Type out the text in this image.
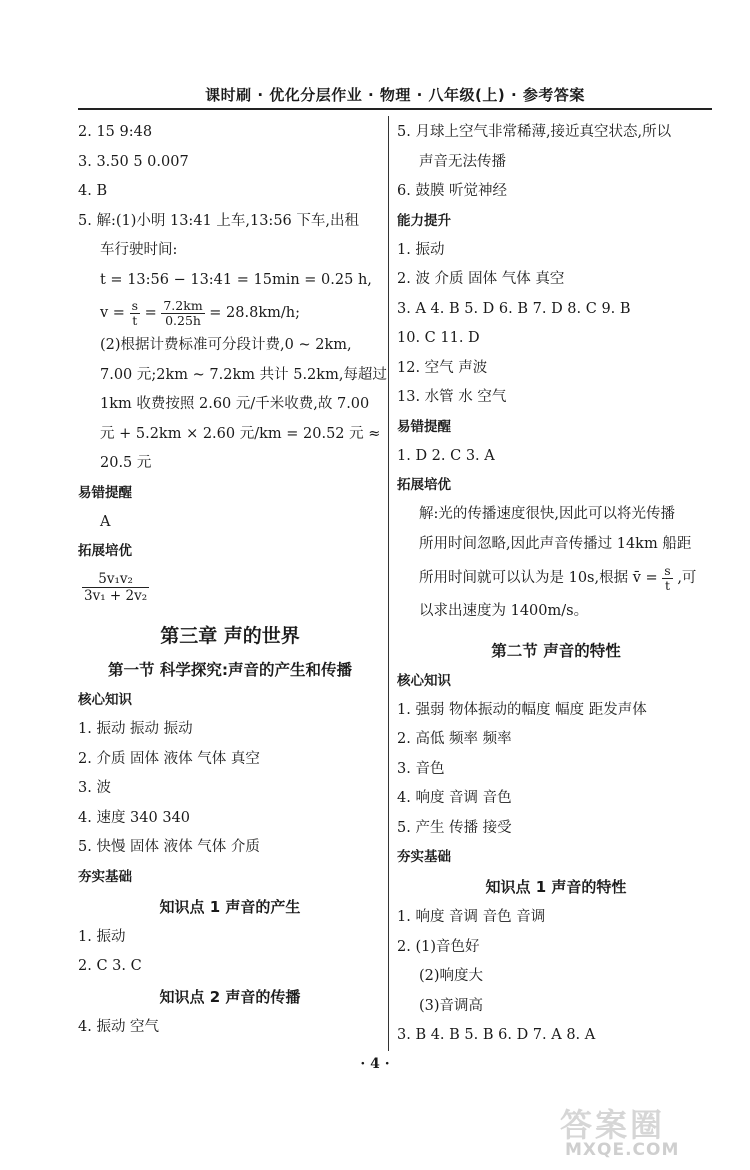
课时刷 · 优化分层作业 · 物理 · 八年级(上) · 参考答案
2. 15 9:48
3. 3.50 5 0.007
4. B
5. 解:(1)小明 13:41 上车,13:56 下车,出租
车行驶时间:
t = 13:56 − 13:41 = 15min = 0.25 h,
$v = \frac{s}{t} = \frac{7.2km}{0.25h} = 28.8km/h$;
(2)根据计费标准可分段计费,0 ~ 2km,
7.00 元;2km ~ 7.2km 共计 5.2km,每超过
1km 收费按照 2.60 元/千米收费,故 7.00
元 + 5.2km × 2.60 元/km = 20.52 元 ≈
20.5 元
易错提醒
A
拓展培优
$\frac{\text{5v₁v₂}}{\text{3v₁ + 2v₂}}$
第三章 声的世界
第一节 科学探究:声音的产生和传播
核心知识
1. 振动 振动 振动
2. 介质 固体 液体 气体 真空
3. 波
4. 速度 340 340
5. 快慢 固体 液体 气体 介质
夯实基础
知识点 1 声音的产生
1. 振动
2. C 3. C
知识点 2 声音的传播
4. 振动 空气
5. 月球上空气非常稀薄,接近真空状态,所以
声音无法传播
6. 鼓膜 听觉神经
能力提升
1. 振动
2. 波 介质 固体 气体 真空
3. A 4. B 5. D 6. B 7. D 8. C 9. B
10. C 11. D
12. 空气 声波
13. 水管 水 空气
易错提醒
1. D 2. C 3. A
拓展培优
解:光的传播速度很快,因此可以将光传播
所用时间忽略,因此声音传播过 14km 船距
所用时间就可以认为是 10s,根据 v̄ = $\frac{s}{t}$ ,可
以求出速度为 1400m/s。
第二节 声音的特性
核心知识
1. 强弱 物体振动的幅度 幅度 距发声体
2. 高低 频率 频率
3. 音色
4. 响度 音调 音色
5. 产生 传播 接受
夯实基础
知识点 1 声音的特性
1. 响度 音调 音色 音调
2. (1)音色好
(2)响度大
(3)音调高
3. B 4. B 5. B 6. D 7. A 8. A
· 4 ·
答案圈
MXQE.COM
